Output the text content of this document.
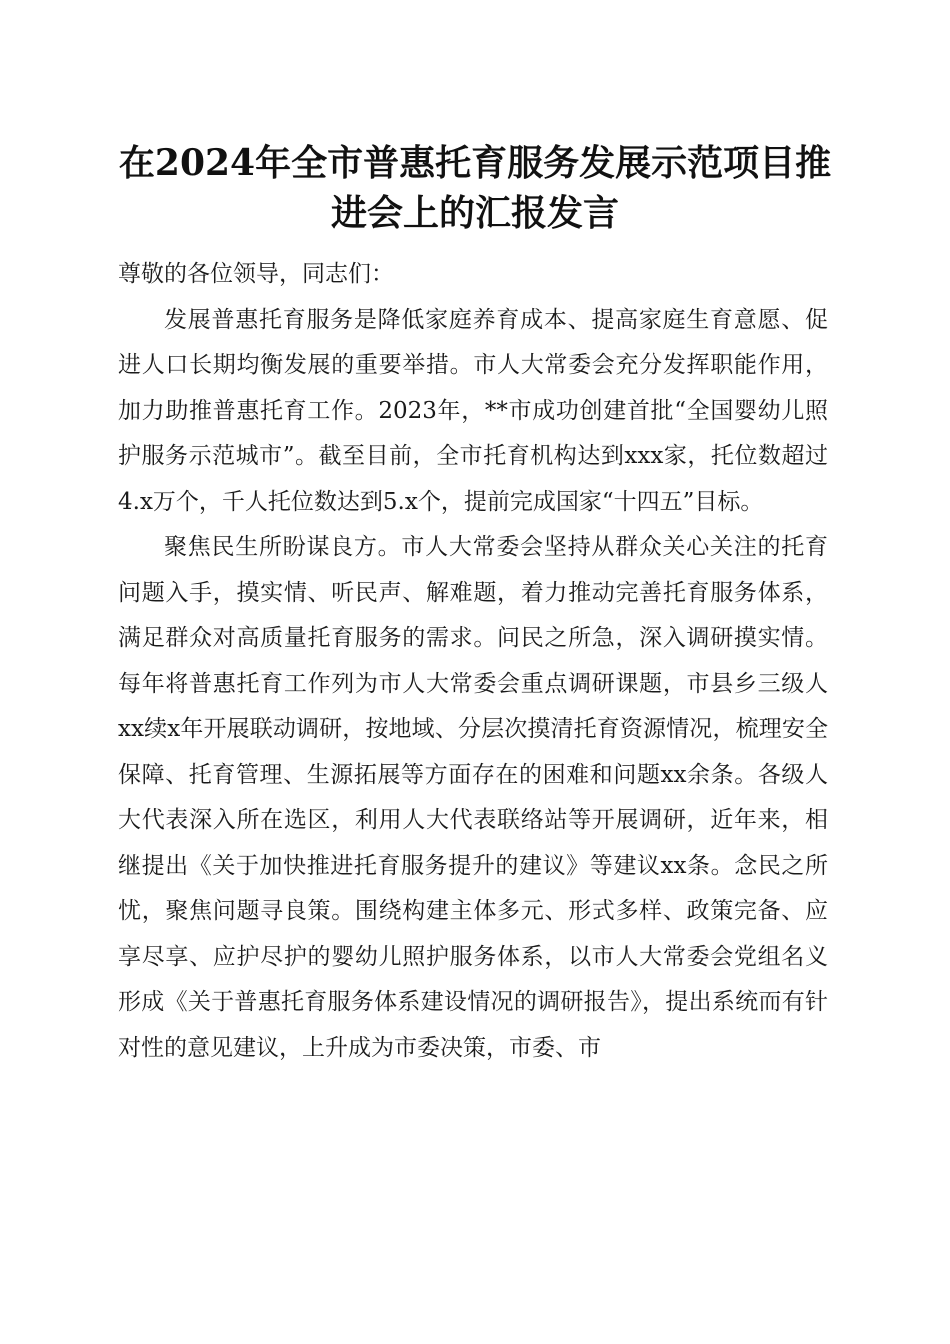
在2024年全市普惠托育服务发展示范项目推
进会上的汇报发言

尊敬的各位领导，同志们：

发展普惠托育服务是降低家庭养育成本、提高家庭生育意愿、促进人口长期均衡发展的重要举措。市人大常委会充分发挥职能作用，加力助推普惠托育工作。2023年，**市成功创建首批“全国婴幼儿照护服务示范城市”。截至目前，全市托育机构达到xxx家，托位数超过4.x万个，千人托位数达到5.x个，提前完成国家“十四五”目标。

聚焦民生所盼谋良方。市人大常委会坚持从群众关心关注的托育问题入手，摸实情、听民声、解难题，着力推动完善托育服务体系，满足群众对高质量托育服务的需求。问民之所急，深入调研摸实情。每年将普惠托育工作列为市人大常委会重点调研课题，市县乡三级人xx续x年开展联动调研，按地域、分层次摸清托育资源情况，梳理安全保障、托育管理、生源拓展等方面存在的困难和问题xx余条。各级人大代表深入所在选区，利用人大代表联络站等开展调研，近年来，相继提出《关于加快推进托育服务提升的建议》等建议xx条。念民之所忧，聚焦问题寻良策。围绕构建主体多元、形式多样、政策完备、应享尽享、应护尽护的婴幼儿照护服务体系，以市人大常委会党组名义形成《关于普惠托育服务体系建设情况的调研报告》，提出系统而有针对性的意见建议，上升成为市委决策，市委、市
